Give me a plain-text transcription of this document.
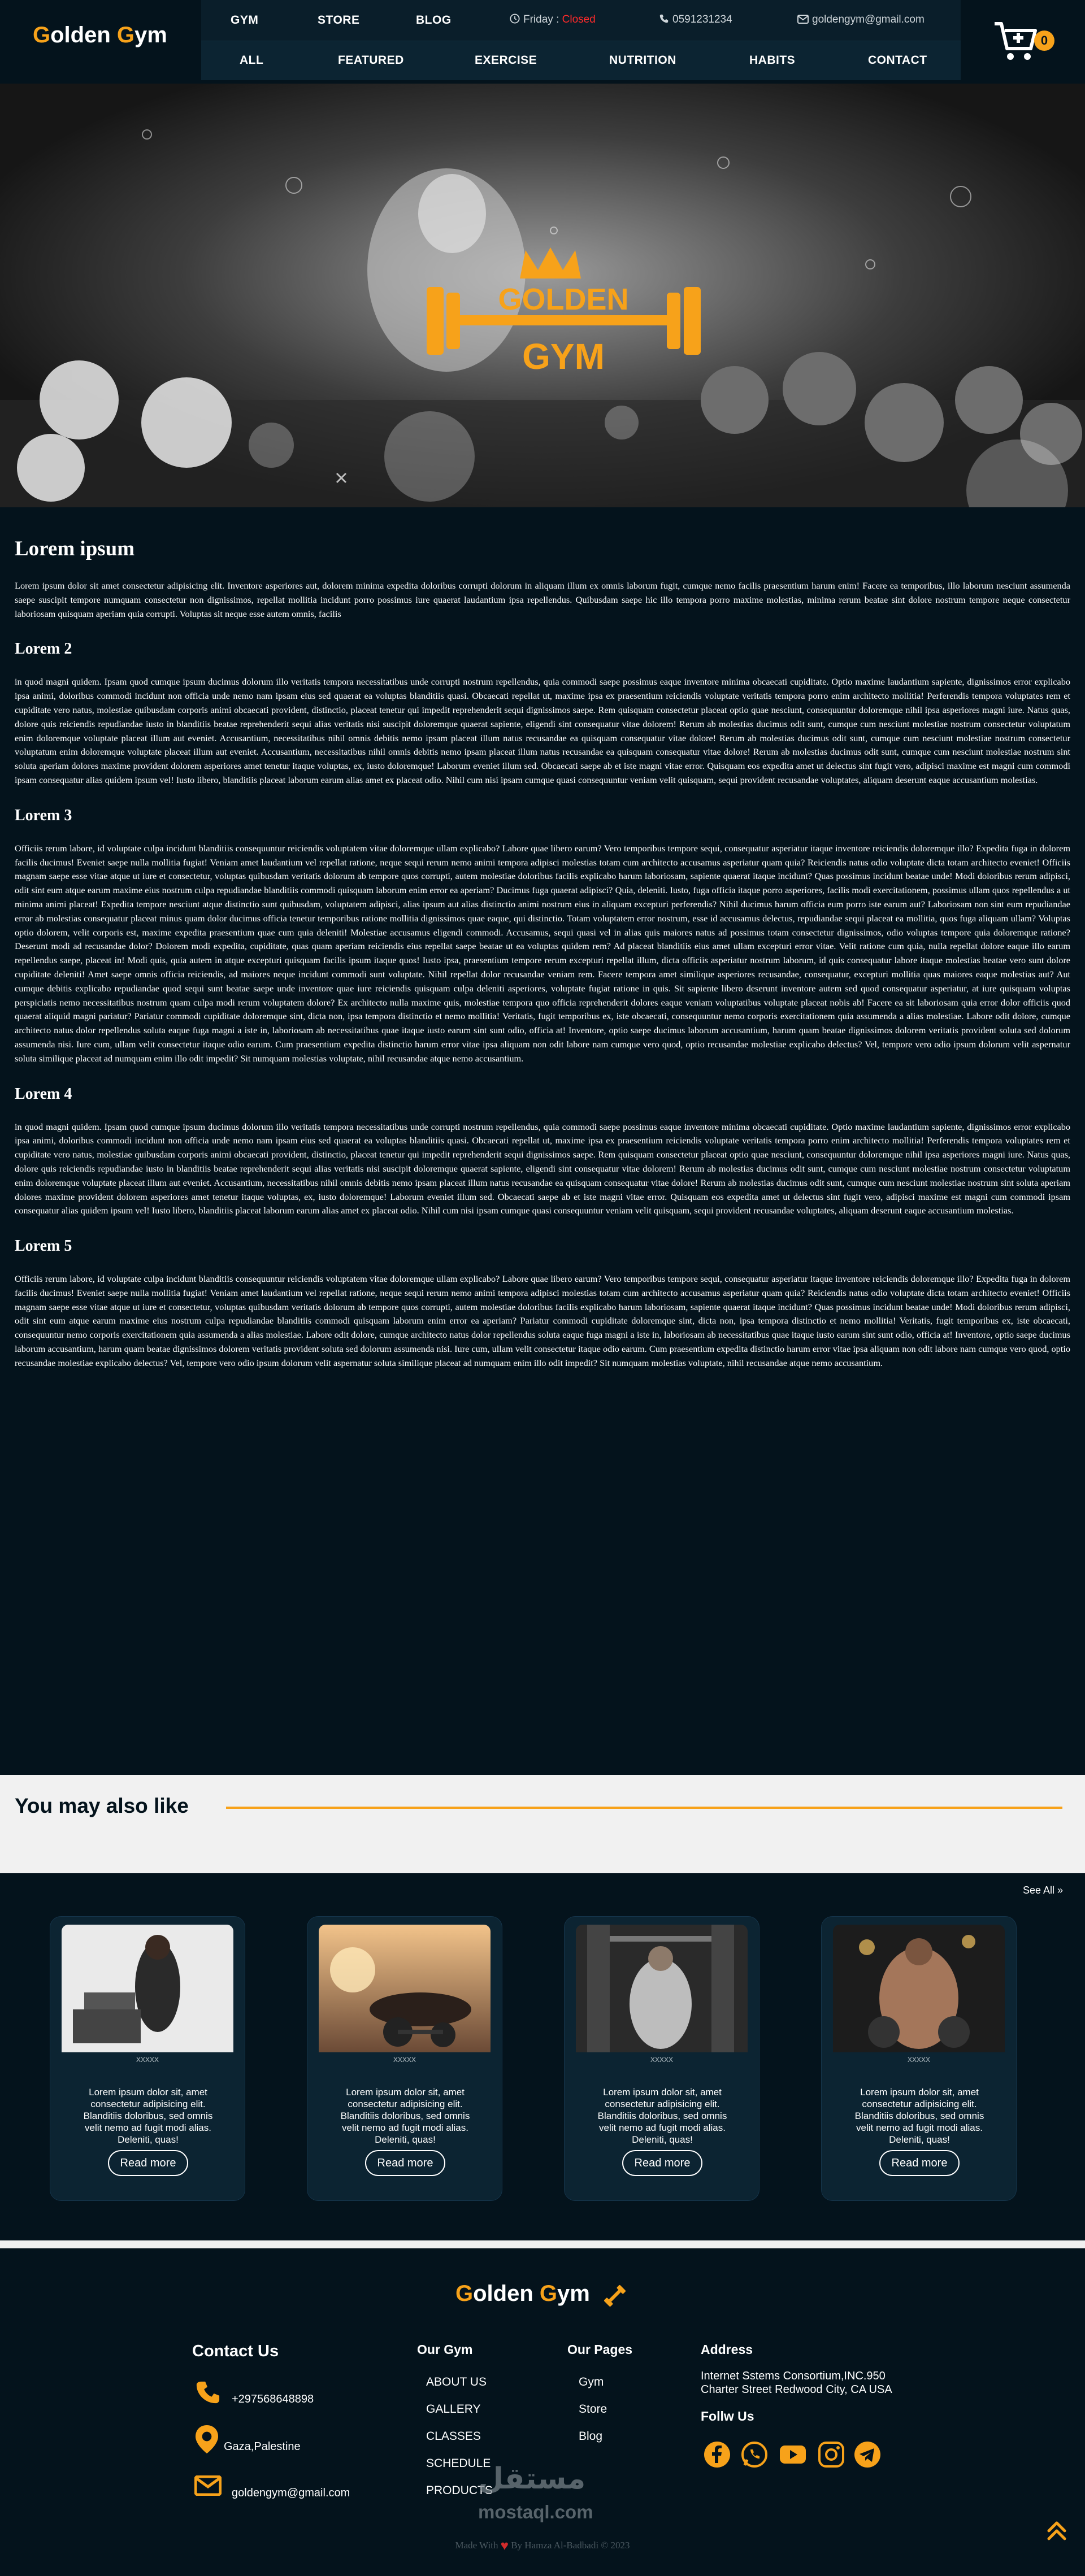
Golden Gym
GYM	STORE	BLOG	Friday : Closed	0591231234	goldengym@gmail.com
ALL	FEATURED	EXERCISE	NUTRITION	HABITS	CONTACT
0
GOLDEN
GYM
Lorem ipsum

Lorem ipsum dolor sit amet consectetur adipisicing elit. Inventore asperiores aut, dolorem minima expedita doloribus corrupti dolorum in aliquam illum ex omnis laborum fugit, cumque nemo facilis praesentium harum enim! Facere ea temporibus, illo laborum nesciunt assumenda saepe suscipit tempore numquam consectetur non dignissimos, repellat mollitia incidunt porro possimus iure quaerat laudantium ipsa repellendus. Quibusdam saepe hic illo tempora porro maxime molestias, minima rerum beatae sint dolore nostrum tempore neque consectetur laboriosam quisquam aperiam quia corrupti. Voluptas sit neque esse autem omnis, facilis

Lorem 2

in quod magni quidem. Ipsam quod cumque ipsum ducimus dolorum illo veritatis tempora necessitatibus unde corrupti nostrum repellendus, quia commodi saepe possimus eaque inventore minima obcaecati cupiditate. Optio maxime laudantium sapiente, dignissimos error explicabo ipsa animi, doloribus commodi incidunt non officia unde nemo nam ipsam eius sed quaerat ea voluptas blanditiis quasi. Obcaecati repellat ut, maxime ipsa ex praesentium reiciendis voluptate veritatis tempora porro enim architecto mollitia! Perferendis tempora voluptates rem et cupiditate vero natus, molestiae quibusdam corporis animi obcaecati provident, distinctio, placeat tenetur qui impedit reprehenderit sequi dignissimos saepe. Rem quisquam consectetur placeat optio quae nesciunt, consequuntur doloremque nihil ipsa asperiores magni iure. Natus quas, dolore quis reiciendis repudiandae iusto in blanditiis beatae reprehenderit sequi alias veritatis nisi suscipit doloremque quaerat sapiente, eligendi sint consequatur vitae dolorem! Rerum ab molestias ducimus odit sunt, cumque cum nesciunt molestiae nostrum consectetur voluptatum enim doloremque voluptate placeat illum aut eveniet. Accusantium, necessitatibus nihil omnis debitis nemo ipsam placeat illum natus recusandae ea quisquam consequatur vitae dolore! Rerum ab molestias ducimus odit sunt, cumque cum nesciunt molestiae nostrum consectetur voluptatum enim doloremque voluptate placeat illum aut eveniet. Accusantium, necessitatibus nihil omnis debitis nemo ipsam placeat illum natus recusandae ea quisquam consequatur vitae dolore! Rerum ab molestias ducimus odit sunt, cumque cum nesciunt molestiae nostrum sint soluta aperiam dolores maxime provident dolorem asperiores amet tenetur itaque voluptas, ex, iusto doloremque! Laborum eveniet illum sed. Obcaecati saepe ab et iste magni vitae error. Quisquam eos expedita amet ut delectus sint fugit vero, adipisci maxime est magni cum commodi ipsam consequatur alias quidem ipsum vel! Iusto libero, blanditiis placeat laborum earum alias amet ex placeat odio. Nihil cum nisi ipsam cumque quasi consequuntur veniam velit quisquam, sequi provident recusandae voluptates, aliquam deserunt eaque accusantium molestias.

Lorem 3

Officiis rerum labore, id voluptate culpa incidunt blanditiis consequuntur reiciendis voluptatem vitae doloremque ullam explicabo? Labore quae libero earum? Vero temporibus tempore sequi, consequatur asperiatur itaque inventore reiciendis doloremque illo? Expedita fuga in dolorem facilis ducimus! Eveniet saepe nulla mollitia fugiat! Veniam amet laudantium vel repellat ratione, neque sequi rerum nemo animi tempora adipisci molestias totam cum architecto accusamus asperiatur quam quia? Reiciendis natus odio voluptate dicta totam architecto eveniet! Officiis magnam saepe esse vitae atque ut iure et consectetur, voluptas quibusdam veritatis dolorum ab tempore quos corrupti, autem molestiae doloribus facilis explicabo harum laboriosam, sapiente quaerat itaque incidunt? Quas possimus incidunt beatae unde! Modi doloribus rerum adipisci, odit sint eum atque earum maxime eius nostrum culpa repudiandae blanditiis commodi quisquam laborum enim error ea aperiam? Ducimus fuga quaerat adipisci? Quia, deleniti. Iusto, fuga officia itaque porro asperiores, facilis modi exercitationem, possimus ullam quos repellendus a ut minima animi placeat! Expedita tempore nesciunt atque distinctio sunt quibusdam, voluptatem adipisci, alias ipsum aut alias distinctio animi nostrum eius in aliquam excepturi perferendis? Nihil ducimus harum officia eum porro iste earum aut? Laboriosam non sint eum repudiandae error ab molestias consequatur placeat minus quam dolor ducimus officia tenetur temporibus ratione mollitia dignissimos quae eaque, qui distinctio. Totam voluptatem error nostrum, esse id accusamus delectus, repudiandae sequi placeat ea mollitia, quos fuga aliquam ullam? Voluptas optio dolorem, velit corporis est, maxime expedita praesentium quae cum quia deleniti! Molestiae accusamus eligendi commodi. Accusamus, sequi quasi vel in alias quis maiores natus ad possimus totam consectetur dignissimos, odio voluptas tempore quia doloremque ratione? Deserunt modi ad recusandae dolor? Dolorem modi expedita, cupiditate, quas quam aperiam reiciendis eius repellat saepe beatae ut ea voluptas quidem rem? Ad placeat blanditiis eius amet ullam excepturi error vitae. Velit ratione cum quia, nulla repellat dolore eaque illo earum repellendus saepe, placeat in! Modi quis, quia autem in atque excepturi quisquam facilis ipsum itaque quos! Iusto ipsa, praesentium tempore rerum excepturi repellat illum, dicta officiis asperiatur nostrum laborum, id quis consequatur labore itaque molestias beatae vero sunt dolore cupiditate deleniti! Amet saepe omnis officia reiciendis, ad maiores neque incidunt commodi sunt voluptate. Nihil repellat dolor recusandae veniam rem. Facere tempora amet similique asperiores recusandae, consequatur, excepturi mollitia quas maiores eaque molestias aut? Aut cumque debitis explicabo repudiandae quod sequi sunt beatae saepe unde inventore quae iure reiciendis quisquam culpa deleniti asperiores, voluptate fugiat ratione in quis. Sit sapiente libero deserunt inventore autem sed quod consequatur asperiatur, at iure quisquam voluptas perspiciatis nemo necessitatibus nostrum quam culpa modi rerum voluptatem dolore? Ex architecto nulla maxime quis, molestiae tempora quo officia reprehenderit dolores eaque veniam voluptatibus voluptate placeat nobis ab! Facere ea sit laboriosam quia error dolor officiis quod quaerat aliquid magni pariatur? Pariatur commodi cupiditate doloremque sint, dicta non, ipsa tempora distinctio et nemo mollitia! Veritatis, fugit temporibus ex, iste obcaecati, consequuntur nemo corporis exercitationem quia assumenda a alias molestiae. Labore odit dolore, cumque architecto natus dolor repellendus soluta eaque fuga magni a iste in, laboriosam ab necessitatibus quae itaque iusto earum sint sunt odio, officia at! Inventore, optio saepe ducimus laborum accusantium, harum quam beatae dignissimos dolorem veritatis provident soluta sed dolorum assumenda nisi. Iure cum, ullam velit consectetur itaque odio earum. Cum praesentium expedita distinctio harum error vitae ipsa aliquam non odit labore nam cumque vero quod, optio recusandae molestiae explicabo delectus? Vel, tempore vero odio ipsum dolorum velit aspernatur soluta similique placeat ad numquam enim illo odit impedit? Sit numquam molestias voluptate, nihil recusandae atque nemo accusantium.

Lorem 4

in quod magni quidem. Ipsam quod cumque ipsum ducimus dolorum illo veritatis tempora necessitatibus unde corrupti nostrum repellendus, quia commodi saepe possimus eaque inventore minima obcaecati cupiditate. Optio maxime laudantium sapiente, dignissimos error explicabo ipsa animi, doloribus commodi incidunt non officia unde nemo nam ipsam eius sed quaerat ea voluptas blanditiis quasi. Obcaecati repellat ut, maxime ipsa ex praesentium reiciendis voluptate veritatis tempora porro enim architecto mollitia! Perferendis tempora voluptates rem et cupiditate vero natus, molestiae quibusdam corporis animi obcaecati provident, distinctio, placeat tenetur qui impedit reprehenderit sequi dignissimos saepe. Rem quisquam consectetur placeat optio quae nesciunt, consequuntur doloremque nihil ipsa asperiores magni iure. Natus quas, dolore quis reiciendis repudiandae iusto in blanditiis beatae reprehenderit sequi alias veritatis nisi suscipit doloremque quaerat sapiente, eligendi sint consequatur vitae dolorem! Rerum ab molestias ducimus odit sunt, cumque cum nesciunt molestiae nostrum consectetur voluptatum enim doloremque voluptate placeat illum aut eveniet. Accusantium, necessitatibus nihil omnis debitis nemo ipsam placeat illum natus recusandae ea quisquam consequatur vitae dolore! Rerum ab molestias ducimus odit sunt, cumque cum nesciunt molestiae nostrum sint soluta aperiam dolores maxime provident dolorem asperiores amet tenetur itaque voluptas, ex, iusto doloremque! Laborum eveniet illum sed. Obcaecati saepe ab et iste magni vitae error. Quisquam eos expedita amet ut delectus sint fugit vero, adipisci maxime est magni cum commodi ipsam consequatur alias quidem ipsum vel! Iusto libero, blanditiis placeat laborum earum alias amet ex placeat odio. Nihil cum nisi ipsam cumque quasi consequuntur veniam velit quisquam, sequi provident recusandae voluptates, aliquam deserunt eaque accusantium molestias.

Lorem 5

Officiis rerum labore, id voluptate culpa incidunt blanditiis consequuntur reiciendis voluptatem vitae doloremque ullam explicabo? Labore quae libero earum? Vero temporibus tempore sequi, consequatur asperiatur itaque inventore reiciendis doloremque illo? Expedita fuga in dolorem facilis ducimus! Eveniet saepe nulla mollitia fugiat! Veniam amet laudantium vel repellat ratione, neque sequi rerum nemo animi tempora adipisci molestias totam cum architecto accusamus asperiatur quam quia? Reiciendis natus odio voluptate dicta totam architecto eveniet! Officiis magnam saepe esse vitae atque ut iure et consectetur, voluptas quibusdam veritatis dolorum ab tempore quos corrupti, autem molestiae doloribus facilis explicabo harum laboriosam, sapiente quaerat itaque incidunt? Quas possimus incidunt beatae unde! Modi doloribus rerum adipisci, odit sint eum atque earum maxime eius nostrum culpa repudiandae blanditiis commodi quisquam laborum enim error ea aperiam? Pariatur commodi cupiditate doloremque sint, dicta non, ipsa tempora distinctio et nemo mollitia! Veritatis, fugit temporibus ex, iste obcaecati, consequuntur nemo corporis exercitationem quia assumenda a alias molestiae. Labore odit dolore, cumque architecto natus dolor repellendus soluta eaque fuga magni a iste in, laboriosam ab necessitatibus quae itaque iusto earum sint sunt odio, officia at! Inventore, optio saepe ducimus laborum accusantium, harum quam beatae dignissimos dolorem veritatis provident soluta sed dolorum assumenda nisi. Iure cum, ullam velit consectetur itaque odio earum. Cum praesentium expedita distinctio harum error vitae ipsa aliquam non odit labore nam cumque vero quod, optio recusandae molestiae explicabo delectus? Vel, tempore vero odio ipsum dolorum velit aspernatur soluta similique placeat ad numquam enim illo odit impedit? Sit numquam molestias voluptate, nihil recusandae atque nemo accusantium.

You may also like
See All »
xxxxx
Lorem ipsum dolor sit, amet consectetur adipisicing elit. Blanditiis doloribus, sed omnis velit nemo ad fugit modi alias. Deleniti, quas!
Read more
xxxxx
Lorem ipsum dolor sit, amet consectetur adipisicing elit. Blanditiis doloribus, sed omnis velit nemo ad fugit modi alias. Deleniti, quas!
Read more
xxxxx
Lorem ipsum dolor sit, amet consectetur adipisicing elit. Blanditiis doloribus, sed omnis velit nemo ad fugit modi alias. Deleniti, quas!
Read more
xxxxx
Lorem ipsum dolor sit, amet consectetur adipisicing elit. Blanditiis doloribus, sed omnis velit nemo ad fugit modi alias. Deleniti, quas!
Read more
Golden Gym
Contact Us
+297568648898
Gaza,Palestine
goldengym@gmail.com
Our Gym
ABOUT US
GALLERY
CLASSES
SCHEDULE
PRODUCTS
Our Pages
Gym
Store
Blog
Address
Internet Sstems Consortium,INC.950
Charter Street Redwood City, CA USA
Follw Us
مستقل
mostaql.com
Made With ♥ By Hamza Al-Badbadi © 2023
